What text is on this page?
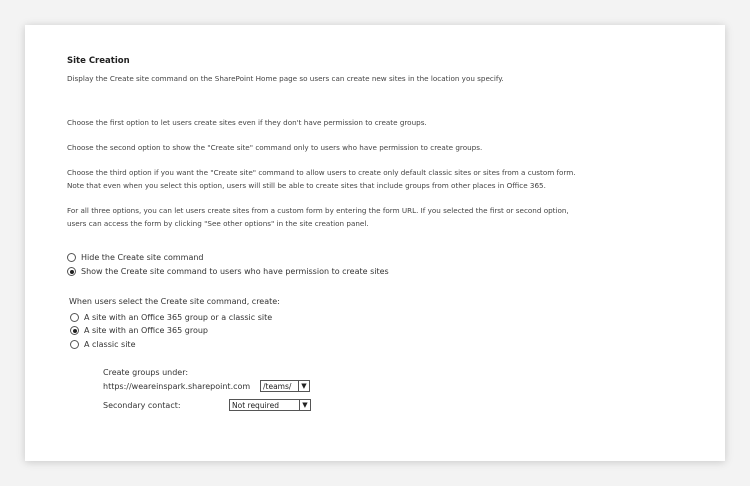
Site Creation
Display the Create site command on the SharePoint Home page so users can create new sites in the location you specify.
Choose the first option to let users create sites even if they don't have permission to create groups.
Choose the second option to show the "Create site" command only to users who have permission to create groups.
Choose the third option if you want the "Create site" command to allow users to create only default classic sites or sites from a custom form.
Note that even when you select this option, users will still be able to create sites that include groups from other places in Office 365.
For all three options, you can let users create sites from a custom form by entering the form URL. If you selected the first or second option,
users can access the form by clicking "See other options" in the site creation panel.
Hide the Create site command
Show the Create site command to users who have permission to create sites
When users select the Create site command, create:
A site with an Office 365 group or a classic site
A site with an Office 365 group
A classic site
Create groups under:
https://weareinspark.sharepoint.com /teams/	▼
Secondary contact:	Not required	▼
